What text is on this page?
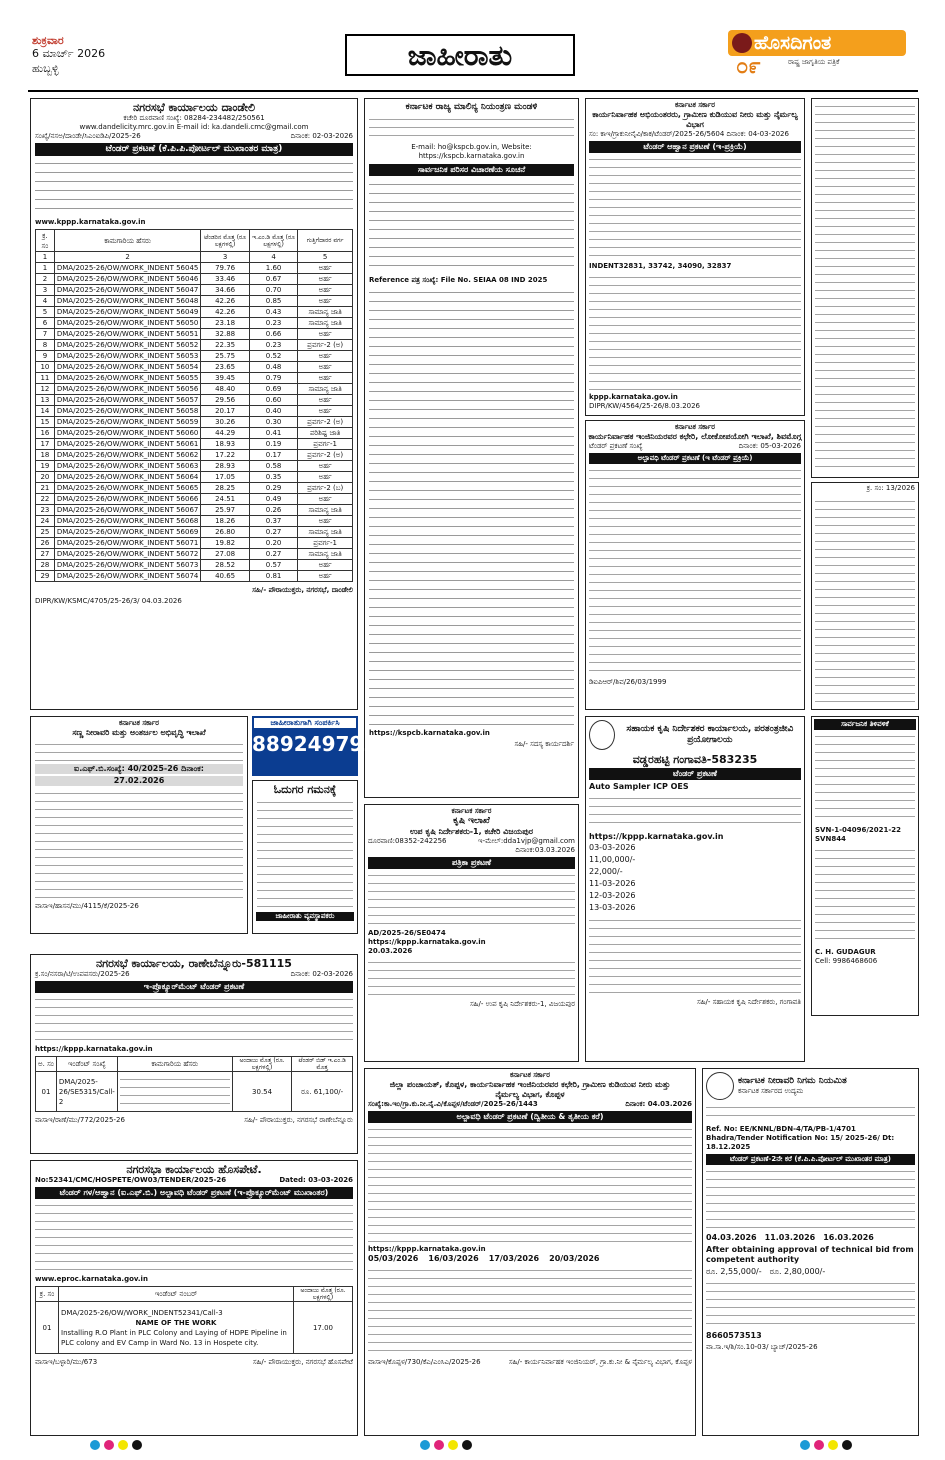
ಶುಕ್ರವಾರ
6 ಮಾರ್ಚ್ 2026
ಹುಬ್ಬಳ್ಳಿ	ಜಾಹೀರಾತು	ಹೊಸದಿಗಂತ
ರಾಷ್ಟ್ರ ಜಾಗೃತಿಯ ಪತ್ರಿಕೆ
೦೯
ನಗರಸಭೆ ಕಾರ್ಯಾಲಯ ದಾಂಡೇಲಿ
ಕಚೇರಿ ದೂರವಾಣಿ ಸಂಖ್ಯೆ: 08284-234482/250561
www.dandelicity.mrc.gov.in E-mail id: ka.dandeli.cmc@gmail.com
ಸಂಖ್ಯೆ/ನಸಅ/ದಾಂಡೇ/ಸಿಎಂಐಡಿಪಿ/2025-26	ದಿನಾಂಕ: 02-03-2026
ಟೆಂಡರ್ ಪ್ರಕಟಣೆ (ಕೆ.ಪಿ.ಪಿ.ಪೋರ್ಟಲ್ ಮುಖಾಂತರ ಮಾತ್ರ)
www.kppp.karnataka.gov.in
ಕ್ರ. ಸಂ	ಕಾಮಗಾರಿಯ ಹೆಸರು	ಟೆಂಡರಿನ ಮೊತ್ತ (ರೂ ಲಕ್ಷಗಳಲ್ಲಿ)	ಇ.ಎಂ.ಡಿ ಮೊತ್ತ (ರೂ ಲಕ್ಷಗಳಲ್ಲಿ)	ಗುತ್ತಿಗೆದಾರರ ವರ್ಗ
1	2	3	4	5
1	DMA/2025-26/OW/WORK_INDENT 56045	79.76	1.60	ಅರ್ಹ
2	DMA/2025-26/OW/WORK_INDENT 56046	33.46	0.67	ಅರ್ಹ
3	DMA/2025-26/OW/WORK_INDENT 56047	34.66	0.70	ಅರ್ಹ
4	DMA/2025-26/OW/WORK_INDENT 56048	42.26	0.85	ಅರ್ಹ
5	DMA/2025-26/OW/WORK_INDENT 56049	42.26	0.43	ಸಾಮಾನ್ಯ ಜಾತಿ
6	DMA/2025-26/OW/WORK_INDENT 56050	23.18	0.23	ಸಾಮಾನ್ಯ ಜಾತಿ
7	DMA/2025-26/OW/WORK_INDENT 56051	32.88	0.66	ಅರ್ಹ
8	DMA/2025-26/OW/WORK_INDENT 56052	22.35	0.23	ಪ್ರವರ್ಗ-2 (ಅ)
9	DMA/2025-26/OW/WORK_INDENT 56053	25.75	0.52	ಅರ್ಹ
10	DMA/2025-26/OW/WORK_INDENT 56054	23.65	0.48	ಅರ್ಹ
11	DMA/2025-26/OW/WORK_INDENT 56055	39.45	0.79	ಅರ್ಹ
12	DMA/2025-26/OW/WORK_INDENT 56056	48.40	0.69	ಸಾಮಾನ್ಯ ಜಾತಿ
13	DMA/2025-26/OW/WORK_INDENT 56057	29.56	0.60	ಅರ್ಹ
14	DMA/2025-26/OW/WORK_INDENT 56058	20.17	0.40	ಅರ್ಹ
15	DMA/2025-26/OW/WORK_INDENT 56059	30.26	0.30	ಪ್ರವರ್ಗ-2 (ಅ)
16	DMA/2025-26/OW/WORK_INDENT 56060	44.29	0.41	ಪರಿಶಿಷ್ಟ ಜಾತಿ
17	DMA/2025-26/OW/WORK_INDENT 56061	18.93	0.19	ಪ್ರವರ್ಗ-1
18	DMA/2025-26/OW/WORK_INDENT 56062	17.22	0.17	ಪ್ರವರ್ಗ-2 (ಅ)
19	DMA/2025-26/OW/WORK_INDENT 56063	28.93	0.58	ಅರ್ಹ
20	DMA/2025-26/OW/WORK_INDENT 56064	17.05	0.35	ಅರ್ಹ
21	DMA/2025-26/OW/WORK_INDENT 56065	28.25	0.29	ಪ್ರವರ್ಗ-2 (ಬ)
22	DMA/2025-26/OW/WORK_INDENT 56066	24.51	0.49	ಅರ್ಹ
23	DMA/2025-26/OW/WORK_INDENT 56067	25.97	0.26	ಸಾಮಾನ್ಯ ಜಾತಿ
24	DMA/2025-26/OW/WORK_INDENT 56068	18.26	0.37	ಅರ್ಹ
25	DMA/2025-26/OW/WORK_INDENT 56069	26.80	0.27	ಸಾಮಾನ್ಯ ಜಾತಿ
26	DMA/2025-26/OW/WORK_INDENT 56071	19.82	0.20	ಪ್ರವರ್ಗ-1
27	DMA/2025-26/OW/WORK_INDENT 56072	27.08	0.27	ಸಾಮಾನ್ಯ ಜಾತಿ
28	DMA/2025-26/OW/WORK_INDENT 56073	28.52	0.57	ಅರ್ಹ
29	DMA/2025-26/OW/WORK_INDENT 56074	40.65	0.81	ಅರ್ಹ
ಸಹಿ/- ಪೌರಾಯುಕ್ತರು, ನಗರಸಭೆ, ದಾಂಡೇಲಿ
DIPR/KW/KSMC/4705/25-26/3/ 04.03.2026
ಕರ್ನಾಟಕ ರಾಜ್ಯ ಮಾಲಿನ್ಯ ನಿಯಂತ್ರಣ ಮಂಡಳಿ
E-mail: ho@kspcb.gov.in, Website: https://kspcb.karnataka.gov.in
ಸಾರ್ವಜನಿಕ ಪರಿಸರ ವಿಚಾರಣೆಯ ಸೂಚನೆ
Reference ಪತ್ರ ಸಂಖ್ಯೆ: File No. SEIAA 08 IND 2025
https://kspcb.karnataka.gov.in
ಸಹಿ/- ಸದಸ್ಯ ಕಾರ್ಯದರ್ಶಿ
ಕರ್ನಾಟಕ ಸರ್ಕಾರ
ಕಾರ್ಯನಿರ್ವಾಹಕ ಅಭಿಯಂತರರು, ಗ್ರಾಮೀಣ ಕುಡಿಯುವ ನೀರು ಮತ್ತು ನೈರ್ಮಲ್ಯ ವಿಭಾಗ
ಸಂ: ಕಾಇ/ಗ್ರಾಕುನೀನೈವಿ/ಕಾಕ/ಟೆಂಡರ್/2025-26/5604 ದಿನಾಂಕ: 04-03-2026
ಟೆಂಡರ್ ಆಹ್ವಾನ ಪ್ರಕಟಣೆ (ಇ-ಪ್ರಕ್ರಿಯೆ)
INDENT32831, 33742, 34090, 32837
kppp.karnataka.gov.in
DIPR/KW/4564/25-26/8.03.2026
ಕರ್ನಾಟಕ ಸರ್ಕಾರ
ಕಾರ್ಯನಿರ್ವಾಹಕ ಇಂಜಿನಿಯರವರ ಕಛೇರಿ, ಲೋಕೋಪಯೋಗಿ ಇಲಾಖೆ, ಶಿವಮೊಗ್ಗ
ಟೆಂಡರ್ ಪ್ರಕಟಣೆ ಸಂಖ್ಯೆ	ದಿನಾಂಕ: 05-03-2026
ಅಲ್ಪಾವಧಿ ಟೆಂಡರ್ ಪ್ರಕಟಣೆ (ಇ ಟೆಂಡರ್ ಪ್ರಕ್ರಿಯೆ)
ಡಿಐಪಿಆರ್/ಶಿವ/26/03/1999
ಕ್ರ. ಸಂ: 13/2026
ಸಾರ್ವಜನಿಕ ತಿಳಿವಳಿಕೆ
SVN-1-04096/2021-22
SVN844
C. H. GUDAGUR
Cell: 9986468606
ಕರ್ನಾಟಕ ಸರ್ಕಾರ
ಸಣ್ಣ ನೀರಾವರಿ ಮತ್ತು ಅಂತರ್ಜಲ ಅಭಿವೃದ್ಧಿ ಇಲಾಖೆ
ಐ.ಎಫ್.ಬಿ.ಸಂಖ್ಯೆ: 40/2025-26 ದಿನಾಂಕ:
27.02.2026
ವಾಸಾಇ/ಹಾಸನ/ಮು/4115/ಕೆ/2025-26
ಜಾಹೀರಾತುಗಾಗಿ ಸಂಪರ್ಕಿಸಿ
8892497927
ಓದುಗರ ಗಮನಕ್ಕೆ
ಜಾಹೀರಾತು ವ್ಯವಸ್ಥಾಪಕರು
ಕರ್ನಾಟಕ ಸರ್ಕಾರ
ಕೃಷಿ ಇಲಾಖೆ
ಉಪ ಕೃಷಿ ನಿರ್ದೇಶಕರು-1, ಕಚೇರಿ ವಿಜಯಪುರ
ದೂರವಾಣಿ:08352-242256	ಇ-ಮೇಲ್:dda1vjp@gmail.com
ದಿನಾಂಕ:03.03.2026
ಪತ್ರಿಕಾ ಪ್ರಕಟಣೆ
AD/2025-26/SE0474
https://kppp.karnataka.gov.in
20.03.2026
ಸಹಿ/- ಉಪ ಕೃಷಿ ನಿರ್ದೇಶಕರು-1, ವಿಜಯಪುರ
ಸಹಾಯಕ ಕೃಷಿ ನಿರ್ದೇಶಕರ ಕಾರ್ಯಾಲಯ, ಪರತಂತ್ರಜೀವಿ ಪ್ರಯೋಗಾಲಯ
ವಡ್ಡರಹಟ್ಟಿ ಗಂಗಾವತಿ-583235
ಟೆಂಡರ್ ಪ್ರಕಟಣೆ
Auto Sampler ICP OES
https://kppp.karnataka.gov.in
03-03-2026
11,00,000/-
22,000/-
11-03-2026
12-03-2026
13-03-2026
ಸಹಿ/- ಸಹಾಯಕ ಕೃಷಿ ನಿರ್ದೇಶಕರು, ಗಂಗಾವತಿ
ನಗರಸಭೆ ಕಾರ್ಯಾಲಯ, ರಾಣೇಬೆನ್ನೂರು-581115
ಕ್ರ.ಸಂ/ನಸರಾ/ಟಿ/ಉಪಪಸರು/2025-26	ದಿನಾಂಕ: 02-03-2026
ಇ-ಪ್ರೊಕ್ಯೂರ್‌ಮೆಂಟ್ ಟೆಂಡರ್ ಪ್ರಕಟಣೆ
https://kppp.karnataka.gov.in
ಅ. ಸಂ	ಇಂಡೆಂಟ್ ಸಂಖ್ಯೆ	ಕಾಮಗಾರಿಯ ಹೆಸರು	ಅಂದಾಜು ಮೊತ್ತ (ರೂ. ಲಕ್ಷಗಳಲ್ಲಿ)	ಟೆಂಡರ್ ಬಿಡ್ ಇ.ಎಂ.ಡಿ ಮೊತ್ತ
01	DMA/2025-26/SE5315/Call-2		30.54	ರೂ. 61,100/-
ವಾಸಾಇ/ರಾಣೆ/ಮು/772/2025-26	ಸಹಿ/- ಪೌರಾಯುಕ್ತರು, ನಗರಸಭೆ ರಾಣೇಬೆನ್ನೂರು
ಕರ್ನಾಟಕ ಸರ್ಕಾರ
ಜಿಲ್ಲಾ ಪಂಚಾಯತ್, ಕೊಪ್ಪಳ, ಕಾರ್ಯನಿರ್ವಾಹಕ ಇಂಜಿನಿಯರವರ ಕಛೇರಿ, ಗ್ರಾಮೀಣ ಕುಡಿಯುವ ನೀರು ಮತ್ತು ನೈರ್ಮಲ್ಯ ವಿಭಾಗ, ಕೊಪ್ಪಳ
ಸಂಖ್ಯೆ:ಕಾ.ಇಂ/ಗ್ರಾ.ಕು.ನೀ.ನೈ.ವಿ/ಕೊಪ್ಪಳ/ಟೆಂಡರ್/2025-26/1443	ದಿನಾಂಕ: 04.03.2026
ಅಲ್ಪಾವಧಿ ಟೆಂಡರ್ ಪ್ರಕಟಣೆ (ದ್ವಿತೀಯ & ತೃತೀಯ ಕರೆ)
https://kppp.karnataka.gov.in
05/03/2026 16/03/2026 17/03/2026 20/03/2026
ವಾಸಾಇ/ಕೊಪ್ಪಳ/730/ಕೆಎ/ಎಂಸಿಎ/2025-26	ಸಹಿ/- ಕಾರ್ಯನಿರ್ವಾಹಕ ಇಂಜಿನಿಯರ್, ಗ್ರಾ.ಕು.ನೀ & ನೈರ್ಮಲ್ಯ ವಿಭಾಗ, ಕೊಪ್ಪಳ
ನಗರಸಭಾ ಕಾರ್ಯಾಲಯ ಹೊಸಪೇಟೆ.
No:52341/CMC/HOSPETE/OW03/TENDER/2025-26	Dated: 03-03-2026
ಟೆಂಡರ್ ಗಳ/ಆಹ್ವಾನ (ಐ.ಎಫ್.ಬಿ.) ಅಲ್ಪಾವಧಿ ಟೆಂಡರ್ ಪ್ರಕಟಣೆ (ಇ-ಪ್ರೊಕ್ಯೂರ್‌ಮೆಂಟ್ ಮುಖಾಂತರ)
www.eproc.karnataka.gov.in
ಕ್ರ. ಸಂ	ಇಂಡೆಂಟ್ ನಂಬರ್	ಅಂದಾಜು ಮೊತ್ತ (ರೂ. ಲಕ್ಷಗಳಲ್ಲಿ)
01	DMA/2025-26/OW/WORK_INDENT52341/Call-3
NAME OF THE WORK
Installing R.O Plant in PLC Colony and Laying of HDPE Pipeline in PLC colony and EV Camp in Ward No. 13 in Hospete city.	17.00
ವಾಸಾಇ/ಬಳ್ಳಾರಿ/ಮು/673	ಸಹಿ/- ಪೌರಾಯುಕ್ತರು, ನಗರಸಭೆ ಹೊಸಪೇಟೆ
ಕರ್ನಾಟಕ ನೀರಾವರಿ ನಿಗಮ ನಿಯಮಿತ
ಕರ್ನಾಟಕ ಸರ್ಕಾರದ ಉದ್ಯಮ
Ref. No: EE/KNNL/BDN-4/TA/PB-1/4701 Bhadra/Tender Notification No: 15/ 2025-26/ Dt: 18.12.2025
ಟೆಂಡರ್ ಪ್ರಕಟಣೆ-2ನೇ ಕರೆ (ಕೆ.ಪಿ.ಪಿ.ಪೋರ್ಟಲ್ ಮುಖಾಂತರ ಮಾತ್ರ)
04.03.2026 11.03.2026 16.03.2026
After obtaining approval of technical bid from competent authority
ರೂ. 2,55,000/- ರೂ. 2,80,000/-
8660573513
ವಾ.ಸಾ.ಇ/ಶಿ/ಸಂ.10-03/ ಬ್ಯಾಚ್/2025-26
